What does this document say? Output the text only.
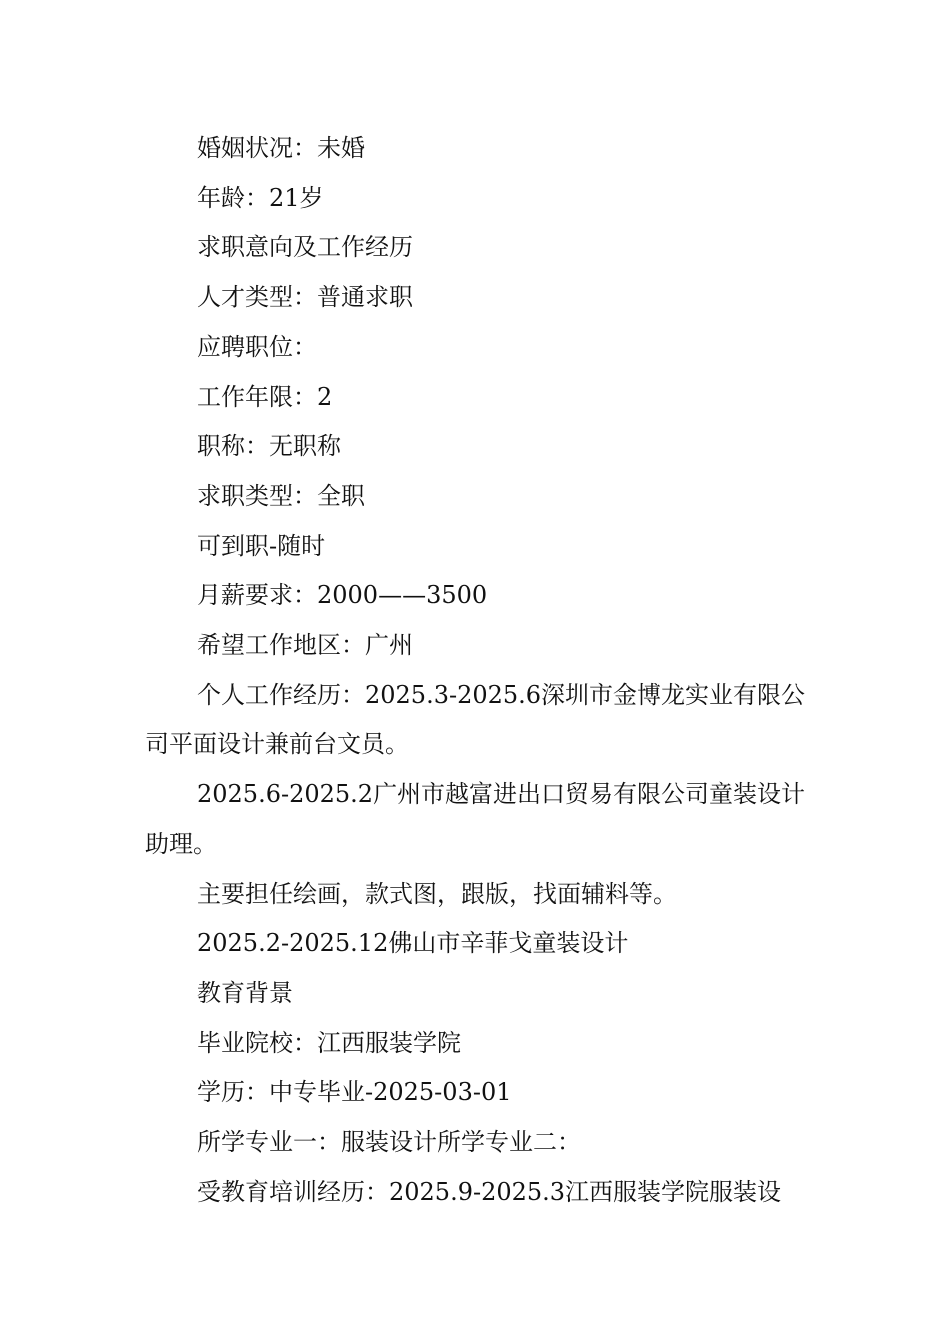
婚姻状况：未婚

年龄：21岁

求职意向及工作经历

人才类型：普通求职

应聘职位：

工作年限：2

职称：无职称

求职类型：全职

可到职-随时

月薪要求：2000——3500

希望工作地区：广州

个人工作经历：2025.3-2025.6深圳市金博龙实业有限公司平面设计兼前台文员。

2025.6-2025.2广州市越富进出口贸易有限公司童装设计助理。

主要担任绘画，款式图，跟版，找面辅料等。

2025.2-2025.12佛山市辛菲戈童装设计

教育背景

毕业院校：江西服装学院

学历：中专毕业-2025-03-01

所学专业一：服装设计所学专业二：

受教育培训经历：2025.9-2025.3江西服装学院服装设
